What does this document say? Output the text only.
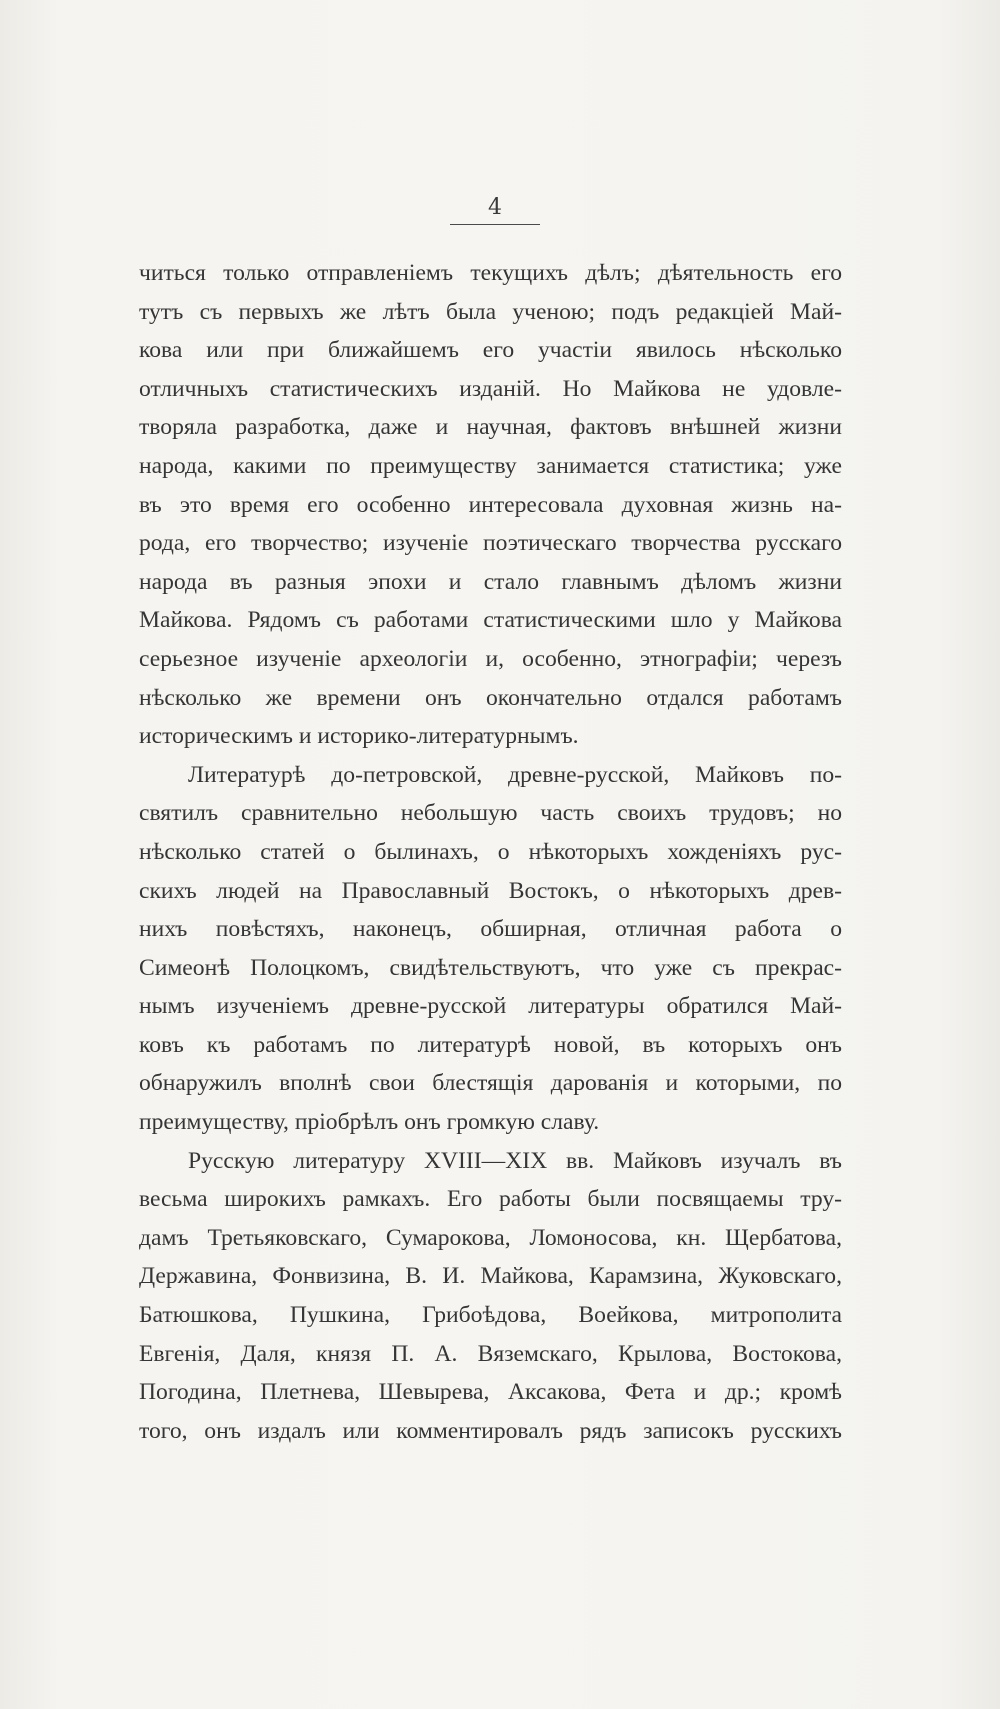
4
читься только отправленіемъ текущихъ дѣлъ; дѣятельность его
тутъ съ первыхъ же лѣтъ была ученою; подъ редакціей Май-
кова или при ближайшемъ его участіи явилось нѣсколько
отличныхъ статистическихъ изданій. Но Майкова не удовле-
творяла разработка, даже и научная, фактовъ внѣшней жизни
народа, какими по преимуществу занимается статистика; уже
въ это время его особенно интересовала духовная жизнь на-
рода, его творчество; изученіе поэтическаго творчества русскаго
народа въ разныя эпохи и стало главнымъ дѣломъ жизни
Майкова. Рядомъ съ работами статистическими шло у Майкова
серьезное изученіе археологіи и, особенно, этнографіи; черезъ
нѣсколько же времени онъ окончательно отдался работамъ
историческимъ и историко-литературнымъ.
Литературѣ до-петровской, древне-русской, Майковъ по-
святилъ сравнительно небольшую часть своихъ трудовъ; но
нѣсколько статей о былинахъ, о нѣкоторыхъ хожденіяхъ рус-
скихъ людей на Православный Востокъ, о нѣкоторыхъ древ-
нихъ повѣстяхъ, наконецъ, обширная, отличная работа о
Симеонѣ Полоцкомъ, свидѣтельствуютъ, что уже съ прекрас-
нымъ изученіемъ древне-русской литературы обратился Май-
ковъ къ работамъ по литературѣ новой, въ которыхъ онъ
обнаружилъ вполнѣ свои блестящія дарованія и которыми, по
преимуществу, пріобрѣлъ онъ громкую славу.
Русскую литературу XVIII—XIX вв. Майковъ изучалъ въ
весьма широкихъ рамкахъ. Его работы были посвящаемы тру-
дамъ Третьяковскаго, Сумарокова, Ломоносова, кн. Щербатова,
Державина, Фонвизина, В. И. Майкова, Карамзина, Жуковскаго,
Батюшкова, Пушкина, Грибоѣдова, Воейкова, митрополита
Евгенія, Даля, князя П. А. Вяземскаго, Крылова, Востокова,
Погодина, Плетнева, Шевырева, Аксакова, Фета и др.; кромѣ
того, онъ издалъ или комментировалъ рядъ записокъ русскихъ
